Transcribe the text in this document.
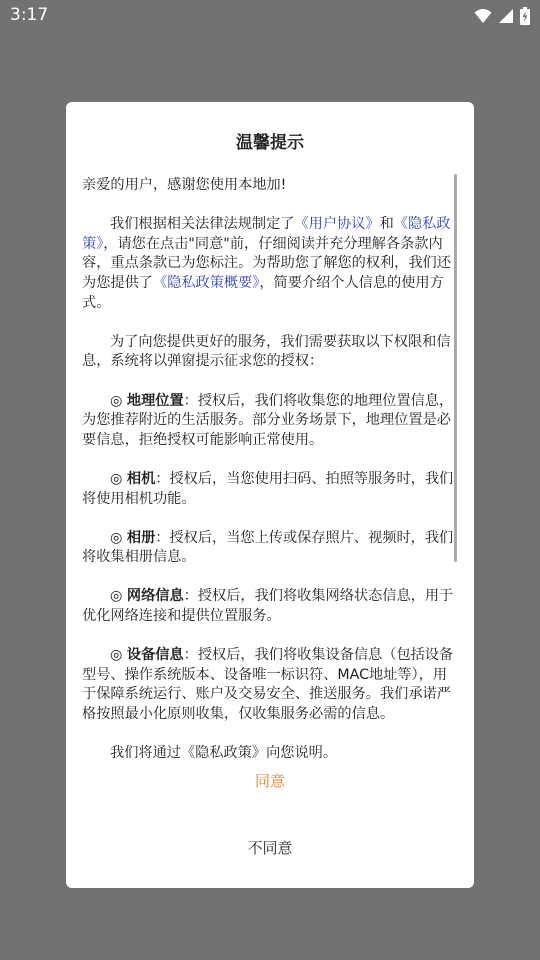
3:17
温馨提示

亲爱的用户，感谢您使用本地加!

我们根据相关法律法规制定了《用户协议》和《隐私政策》，请您在点击"同意"前，仔细阅读并充分理解各条款内容，重点条款已为您标注。为帮助您了解您的权利，我们还为您提供了《隐私政策概要》，简要介绍个人信息的使用方式。

为了向您提供更好的服务，我们需要获取以下权限和信息，系统将以弹窗提示征求您的授权：

◎ 地理位置：授权后，我们将收集您的地理位置信息，为您推荐附近的生活服务。部分业务场景下，地理位置是必要信息，拒绝授权可能影响正常使用。

◎ 相机：授权后，当您使用扫码、拍照等服务时，我们将使用相机功能。

◎ 相册：授权后，当您上传或保存照片、视频时，我们将收集相册信息。

◎ 网络信息：授权后，我们将收集网络状态信息，用于优化网络连接和提供位置服务。

◎ 设备信息：授权后，我们将收集设备信息（包括设备型号、操作系统版本、设备唯一标识符、MAC地址等），用于保障系统运行、账户及交易安全、推送服务。我们承诺严格按照最小化原则收集，仅收集服务必需的信息。

我们将通过《隐私政策》向您说明。

同意
不同意
